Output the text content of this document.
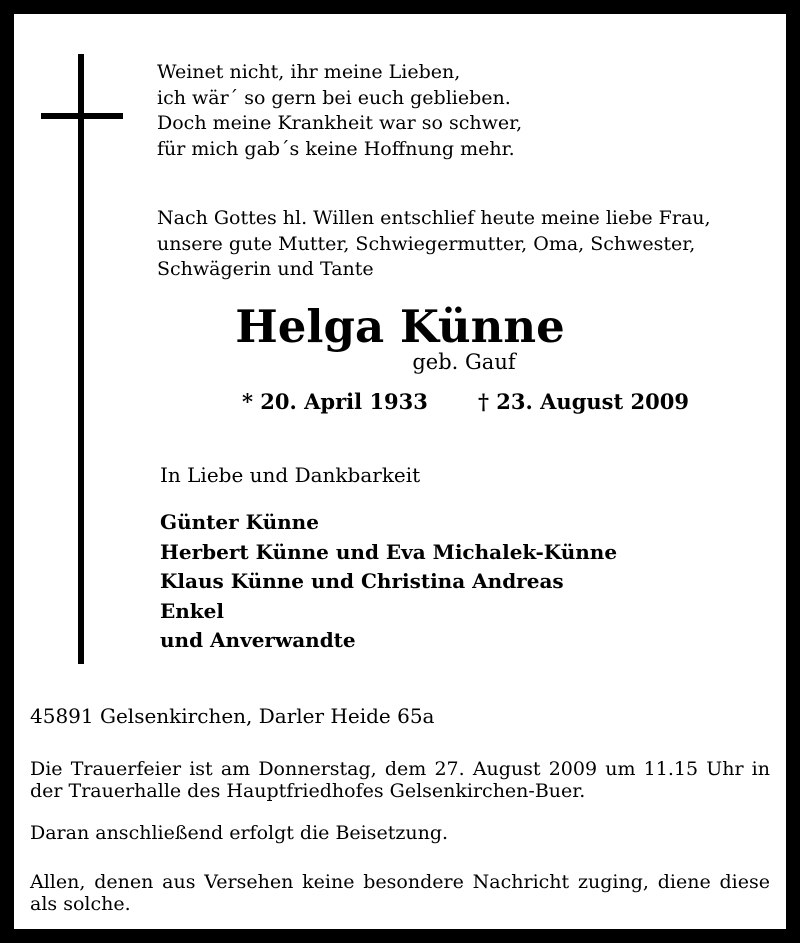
Weinet nicht, ihr meine Lieben,
ich wär´ so gern bei euch geblieben.
Doch meine Krankheit war so schwer,
für mich gab´s keine Hoffnung mehr.
Nach Gottes hl. Willen entschlief heute meine liebe Frau,
unsere gute Mutter, Schwiegermutter, Oma, Schwester,
Schwägerin und Tante
Helga Künne
geb. Gauf
* 20. April 1933 † 23. August 2009
In Liebe und Dankbarkeit
Günter Künne
Herbert Künne und Eva Michalek-Künne
Klaus Künne und Christina Andreas
Enkel
und Anverwandte
45891 Gelsenkirchen, Darler Heide 65a
Die Trauerfeier ist am Donnerstag, dem 27. August 2009 um 11.15 Uhr in der Trauerhalle des Hauptfriedhofes Gelsenkirchen-Buer.
Daran anschließend erfolgt die Beisetzung.
Allen, denen aus Versehen keine besondere Nachricht zuging, diene diese als solche.
